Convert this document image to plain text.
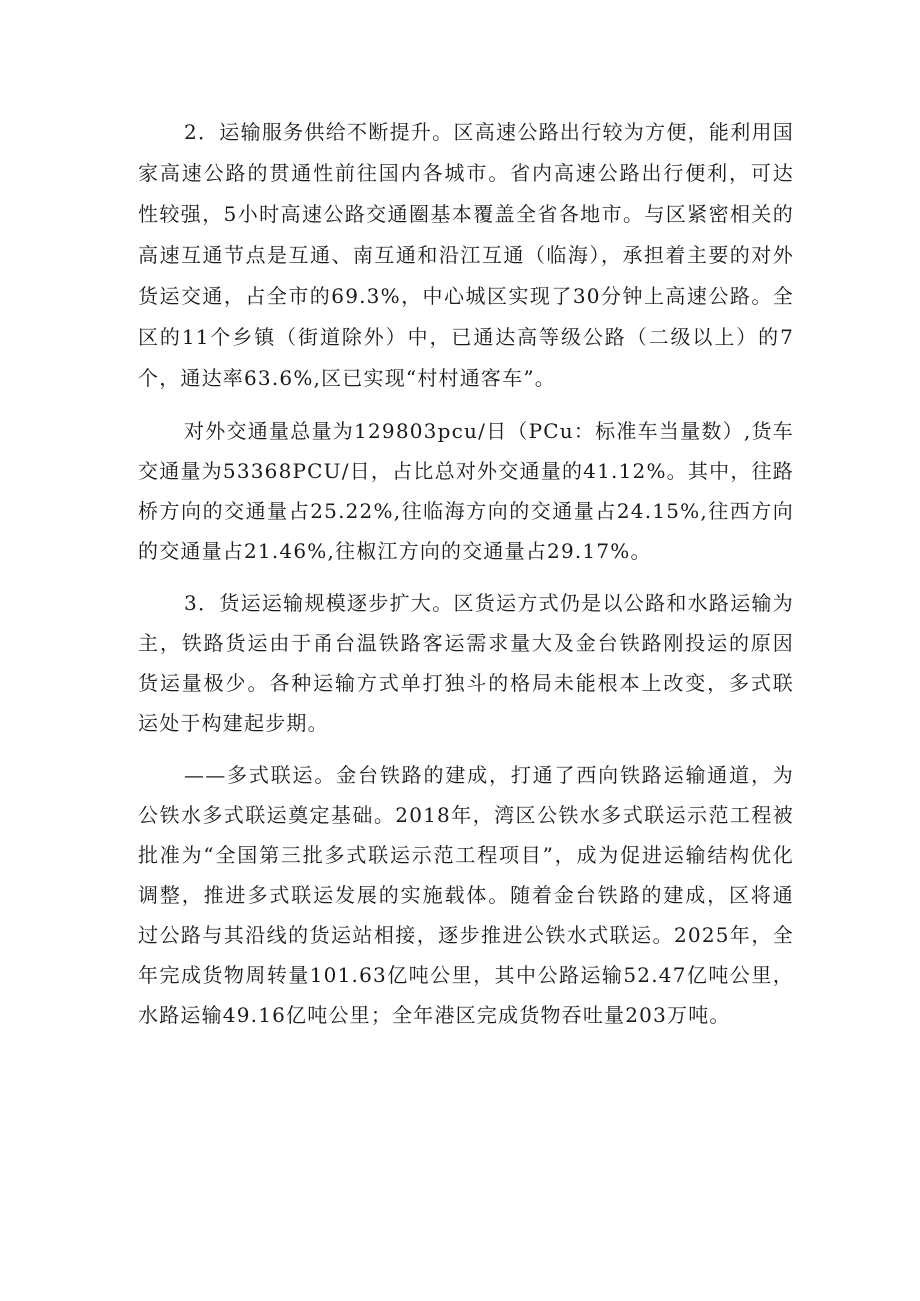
2．运输服务供给不断提升。区高速公路出行较为方便，能利用国家高速公路的贯通性前往国内各城市。省内高速公路出行便利，可达性较强，5小时高速公路交通圈基本覆盖全省各地市。与区紧密相关的高速互通节点是互通、南互通和沿江互通（临海），承担着主要的对外货运交通，占全市的69.3%，中心城区实现了30分钟上高速公路。全区的11个乡镇（街道除外）中，已通达高等级公路（二级以上）的7个，通达率63.6%,区已实现“村村通客车”。

对外交通量总量为129803pcu/日（PCu：标准车当量数）,货车交通量为53368PCU/日，占比总对外交通量的41.12%。其中，往路桥方向的交通量占25.22%,往临海方向的交通量占24.15%,往西方向的交通量占21.46%,往椒江方向的交通量占29.17%。

3．货运运输规模逐步扩大。区货运方式仍是以公路和水路运输为主，铁路货运由于甬台温铁路客运需求量大及金台铁路刚投运的原因货运量极少。各种运输方式单打独斗的格局未能根本上改变，多式联运处于构建起步期。

——多式联运。金台铁路的建成，打通了西向铁路运输通道，为公铁水多式联运奠定基础。2018年，湾区公铁水多式联运示范工程被批准为“全国第三批多式联运示范工程项目”，成为促进运输结构优化调整，推进多式联运发展的实施载体。随着金台铁路的建成，区将通过公路与其沿线的货运站相接，逐步推进公铁水式联运。2025年，全年完成货物周转量101.63亿吨公里，其中公路运输52.47亿吨公里，水路运输49.16亿吨公里；全年港区完成货物吞吐量203万吨。
